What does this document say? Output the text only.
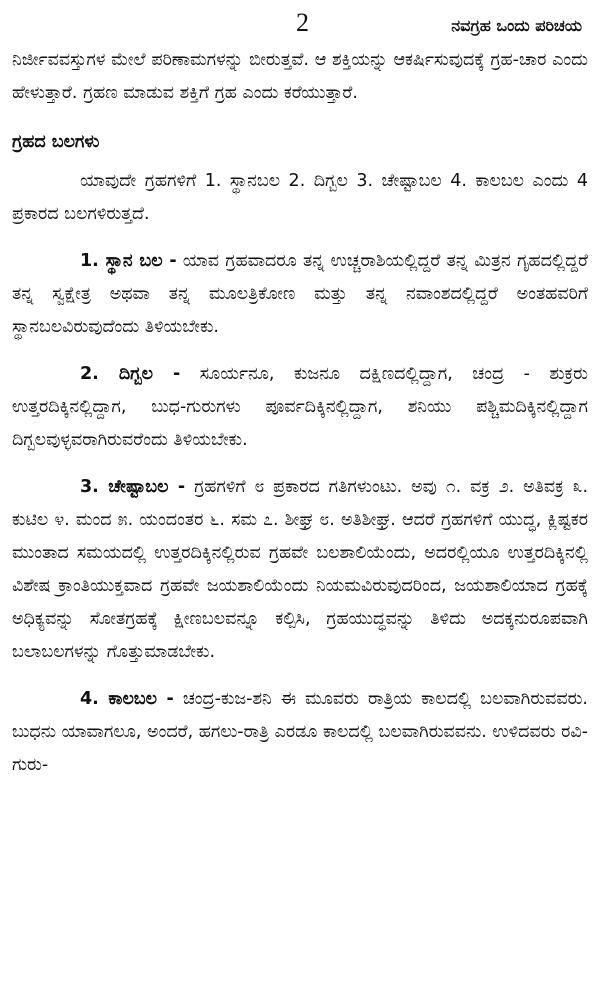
2	ನವಗ್ರಹ ಒಂದು ಪರಿಚಯ

ನಿರ್ಜೀವವಸ್ತುಗಳ ಮೇಲೆ ಪರಿಣಾಮಗಳನ್ನು ಬೀರುತ್ತವೆ. ಆ ಶಕ್ತಿಯನ್ನು ಆಕರ್ಷಿಸುವುದಕ್ಕೆ ಗ್ರಹ-ಚಾರ ಎಂದು ಹೇಳುತ್ತಾರೆ. ಗ್ರಹಣ ಮಾಡುವ ಶಕ್ತಿಗೆ ಗ್ರಹ ಎಂದು ಕರೆಯುತ್ತಾರೆ.

ಗ್ರಹದ ಬಲಗಳು

ಯಾವುದೇ ಗ್ರಹಗಳಿಗೆ 1. ಸ್ಥಾನಬಲ 2. ದಿಗ್ಬಲ 3. ಚೇಷ್ಟಾಬಲ 4. ಕಾಲಬಲ ಎಂದು 4 ಪ್ರಕಾರದ ಬಲಗಳಿರುತ್ತದೆ.

1. ಸ್ಥಾನ ಬಲ - ಯಾವ ಗ್ರಹವಾದರೂ ತನ್ನ ಉಚ್ಚರಾಶಿಯಲ್ಲಿದ್ದರೆ ತನ್ನ ಮಿತ್ರನ ಗೃಹದಲ್ಲಿದ್ದರೆ ತನ್ನ ಸ್ವಕ್ಷೇತ್ರ ಅಥವಾ ತನ್ನ ಮೂಲತ್ರಿಕೋಣ ಮತ್ತು ತನ್ನ ನವಾಂಶದಲ್ಲಿದ್ದರೆ ಅಂತಹವರಿಗೆ ಸ್ಥಾನಬಲವಿರುವುದೆಂದು ತಿಳಿಯಬೇಕು.

2. ದಿಗ್ಬಲ - ಸೂರ್ಯನೂ, ಕುಜನೂ ದಕ್ಷಿಣದಲ್ಲಿದ್ದಾಗ, ಚಂದ್ರ - ಶುಕ್ರರು ಉತ್ತರದಿಕ್ಕಿನಲ್ಲಿದ್ದಾಗ, ಬುಧ-ಗುರುಗಳು ಪೂರ್ವದಿಕ್ಕಿನಲ್ಲಿದ್ದಾಗ, ಶನಿಯು ಪಶ್ಚಿಮದಿಕ್ಕಿನಲ್ಲಿದ್ದಾಗ ದಿಗ್ಬಲವುಳ್ಳವರಾಗಿರುವರೆಂದು ತಿಳಿಯಬೇಕು.

3. ಚೇಷ್ಟಾಬಲ - ಗ್ರಹಗಳಿಗೆ ೮ ಪ್ರಕಾರದ ಗತಿಗಳುಂಟು. ಅವು ೧. ವಕ್ರ ೨. ಅತಿವಕ್ರ ೩. ಕುಟಿಲ ೪. ಮಂದ ೫. ಯಂದಂತರ ೬. ಸಮ ೭. ಶೀಘ್ರ ೮. ಅತಿಶೀಘ್ರ. ಆದರೆ ಗ್ರಹಗಳಿಗೆ ಯುದ್ಧ, ಕ್ಲಿಷ್ಟಕರ ಮುಂತಾದ ಸಮಯದಲ್ಲಿ ಉತ್ತರದಿಕ್ಕಿನಲ್ಲಿರುವ ಗ್ರಹವೇ ಬಲಶಾಲಿಯೆಂದು, ಅದರಲ್ಲಿಯೂ ಉತ್ತರದಿಕ್ಕಿನಲ್ಲಿ ವಿಶೇಷ ಕ್ರಾಂತಿಯುಕ್ತವಾದ ಗ್ರಹವೇ ಜಯಶಾಲಿಯೆಂದು ನಿಯಮವಿರುವುದರಿಂದ, ಜಯಶಾಲಿಯಾದ ಗ್ರಹಕ್ಕೆ ಅಧಿಕ್ಯವನ್ನು ಸೋತಗ್ರಹಕ್ಕೆ ಕ್ಷೀಣಬಲವನ್ನೂ ಕಲ್ಪಿಸಿ, ಗ್ರಹಯುದ್ಧವನ್ನು ತಿಳಿದು ಅದಕ್ಕನುರೂಪವಾಗಿ ಬಲಾಬಲಗಳನ್ನು ಗೊತ್ತುಮಾಡಬೇಕು.

4. ಕಾಲಬಲ - ಚಂದ್ರ-ಕುಜ-ಶನಿ ಈ ಮೂವರು ರಾತ್ರಿಯ ಕಾಲದಲ್ಲಿ ಬಲವಾಗಿರುವವರು. ಬುಧನು ಯಾವಾಗಲೂ, ಅಂದರೆ, ಹಗಲು-ರಾತ್ರಿ ಎರಡೂ ಕಾಲದಲ್ಲಿ ಬಲವಾಗಿರುವವನು. ಉಳಿದವರು ರವಿ-ಗುರು-
